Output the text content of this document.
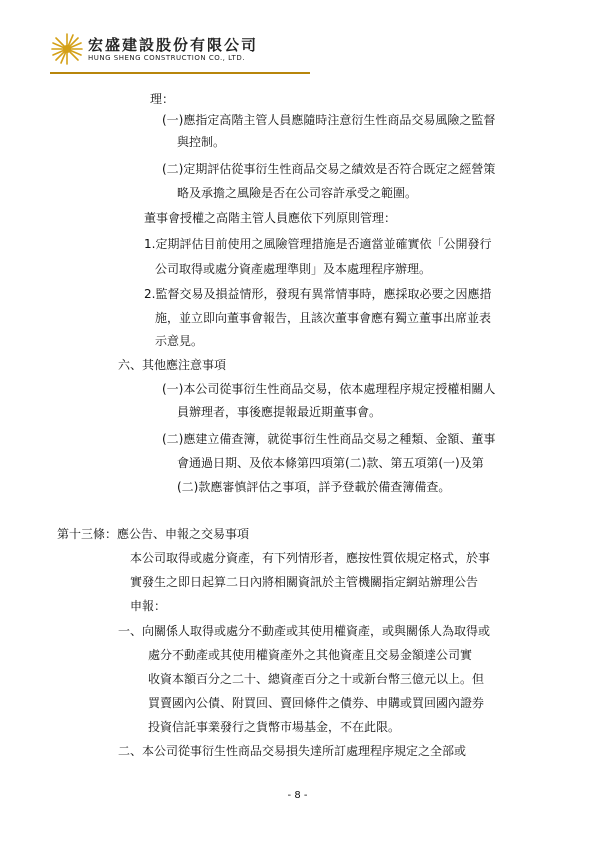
宏盛建設股份有限公司
HUNG SHENG CONSTRUCTION CO., LTD.
理：
(一)應指定高階主管人員應隨時注意衍生性商品交易風險之監督
與控制。
(二)定期評估從事衍生性商品交易之績效是否符合既定之經營策
略及承擔之風險是否在公司容許承受之範圍。
董事會授權之高階主管人員應依下列原則管理：
1.定期評估目前使用之風險管理措施是否適當並確實依「公開發行
公司取得或處分資產處理準則」及本處理程序辦理。
2.監督交易及損益情形，發現有異常情事時，應採取必要之因應措
施，並立即向董事會報告，且該次董事會應有獨立董事出席並表
示意見。
六、其他應注意事項
(一)本公司從事衍生性商品交易，依本處理程序規定授權相關人
員辦理者，事後應提報最近期董事會。
(二)應建立備查簿，就從事衍生性商品交易之種類、金額、董事
會通過日期、及依本條第四項第(二)款、第五項第(一)及第
(二)款應審慎評估之事項，詳予登載於備查簿備查。
第十三條：應公告、申報之交易事項
本公司取得或處分資產，有下列情形者，應按性質依規定格式，於事
實發生之即日起算二日內將相關資訊於主管機關指定網站辦理公告
申報：
一、向關係人取得或處分不動產或其使用權資產，或與關係人為取得或
處分不動產或其使用權資產外之其他資產且交易金額達公司實
收資本額百分之二十、總資產百分之十或新台幣三億元以上。但
買賣國內公債、附買回、賣回條件之債券、申購或買回國內證券
投資信託事業發行之貨幣市場基金，不在此限。
二、本公司從事衍生性商品交易損失達所訂處理程序規定之全部或
- 8 -
